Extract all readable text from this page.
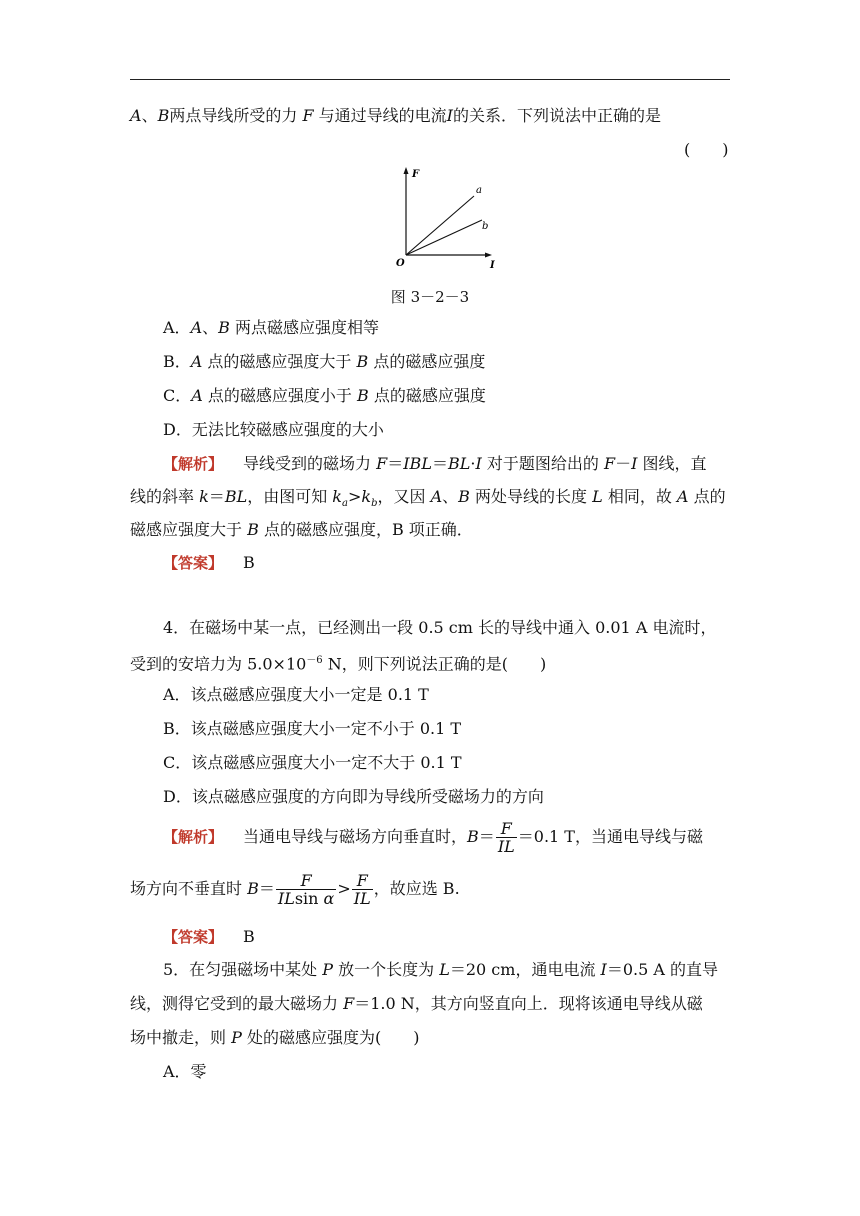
A、B两点导线所受的力 F 与通过导线的电流I的关系．下列说法中正确的是
(　　)
F
I
O
a
b
图 3－2－3
A．A、B 两点磁感应强度相等
B．A 点的磁感应强度大于 B 点的磁感应强度
C．A 点的磁感应强度小于 B 点的磁感应强度
D．无法比较磁感应强度的大小
【解析】 导线受到的磁场力 F＝IBL＝BL·I 对于题图给出的 F－I 图线，直
线的斜率 k＝BL，由图可知 $k_a>k_b$，又因 A、B 两处导线的长度 L 相同，故 A 点的
磁感应强度大于 B 点的磁感应强度，B 项正确．
【答案】 B
4．在磁场中某一点，已经测出一段 0.5 cm 长的导线中通入 0.01 A 电流时，
受到的安培力为 $5.0\times 10^{-6}$ N，则下列说法正确的是(　　)
A．该点磁感应强度大小一定是 0.1 T
B．该点磁感应强度大小一定不小于 0.1 T
C．该点磁感应强度大小一定不大于 0.1 T
D．该点磁感应强度的方向即为导线所受磁场力的方向
【解析】 当通电导线与磁场方向垂直时，$B= \frac{F}{IL} =0.1$ T，当通电导线与磁
场方向不垂直时 $B= \frac{F}{\text{ILsin α}} > \frac{F}{IL}$ ，故应选 B.
【答案】 B
5．在匀强磁场中某处 P 放一个长度为 L＝20 cm，通电电流 I＝0.5 A 的直导
线，测得它受到的最大磁场力 F＝1.0 N，其方向竖直向上．现将该通电导线从磁
场中撤走，则 P 处的磁感应强度为(　　)
A．零
